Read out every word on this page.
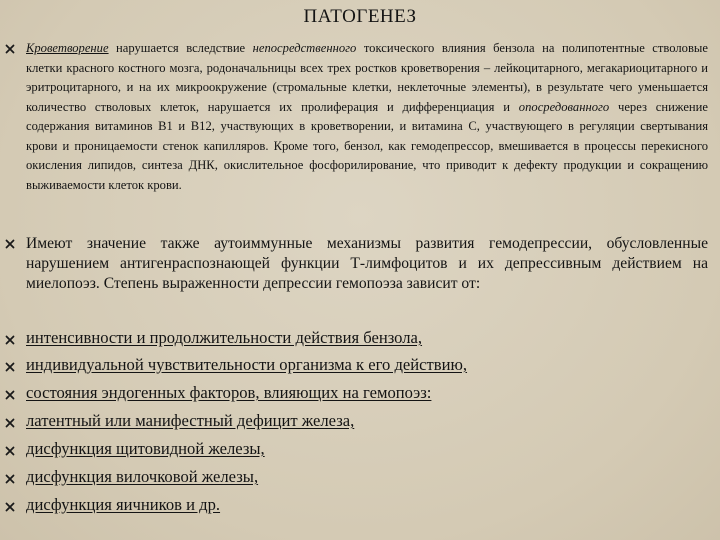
ПАТОГЕНЕЗ

Кроветворение нарушается вследствие непосредственного токсического влияния бензола на полипотентные стволовые клетки красного костного мозга, родоначальницы всех трех ростков кроветворения – лейкоцитарного, мегакариоцитарного и эритроцитарного, и на их микроокружение (стромальные клетки, неклеточные элементы), в результате чего уменьшается количество стволовых клеток, нарушается их пролиферация и дифференциация и опосредованного через снижение содержания витаминов В1 и В12, участвующих в кроветворении, и витамина С, участвующего в регуляции свертывания крови и проницаемости стенок капилляров. Кроме того, бензол, как гемодепрессор, вмешивается в процессы перекисного окисления липидов, синтеза ДНК, окислительное фосфорилирование, что приводит к дефекту продукции и сокращению выживаемости клеток крови.

Имеют значение также аутоиммунные механизмы развития гемодепрессии, обусловленные нарушением антигенраспознающей функции Т-лимфоцитов и их депрессивным действием на миелопоэз. Степень выраженности депрессии гемопоэза зависит от:

интенсивности и продолжительности действия бензола,

индивидуальной чувствительности организма к его действию,

состояния эндогенных факторов, влияющих на гемопоэз:

латентный или манифестный дефицит железа,

дисфункция щитовидной железы,

дисфункция вилочковой железы,

дисфункция яичников и др.
